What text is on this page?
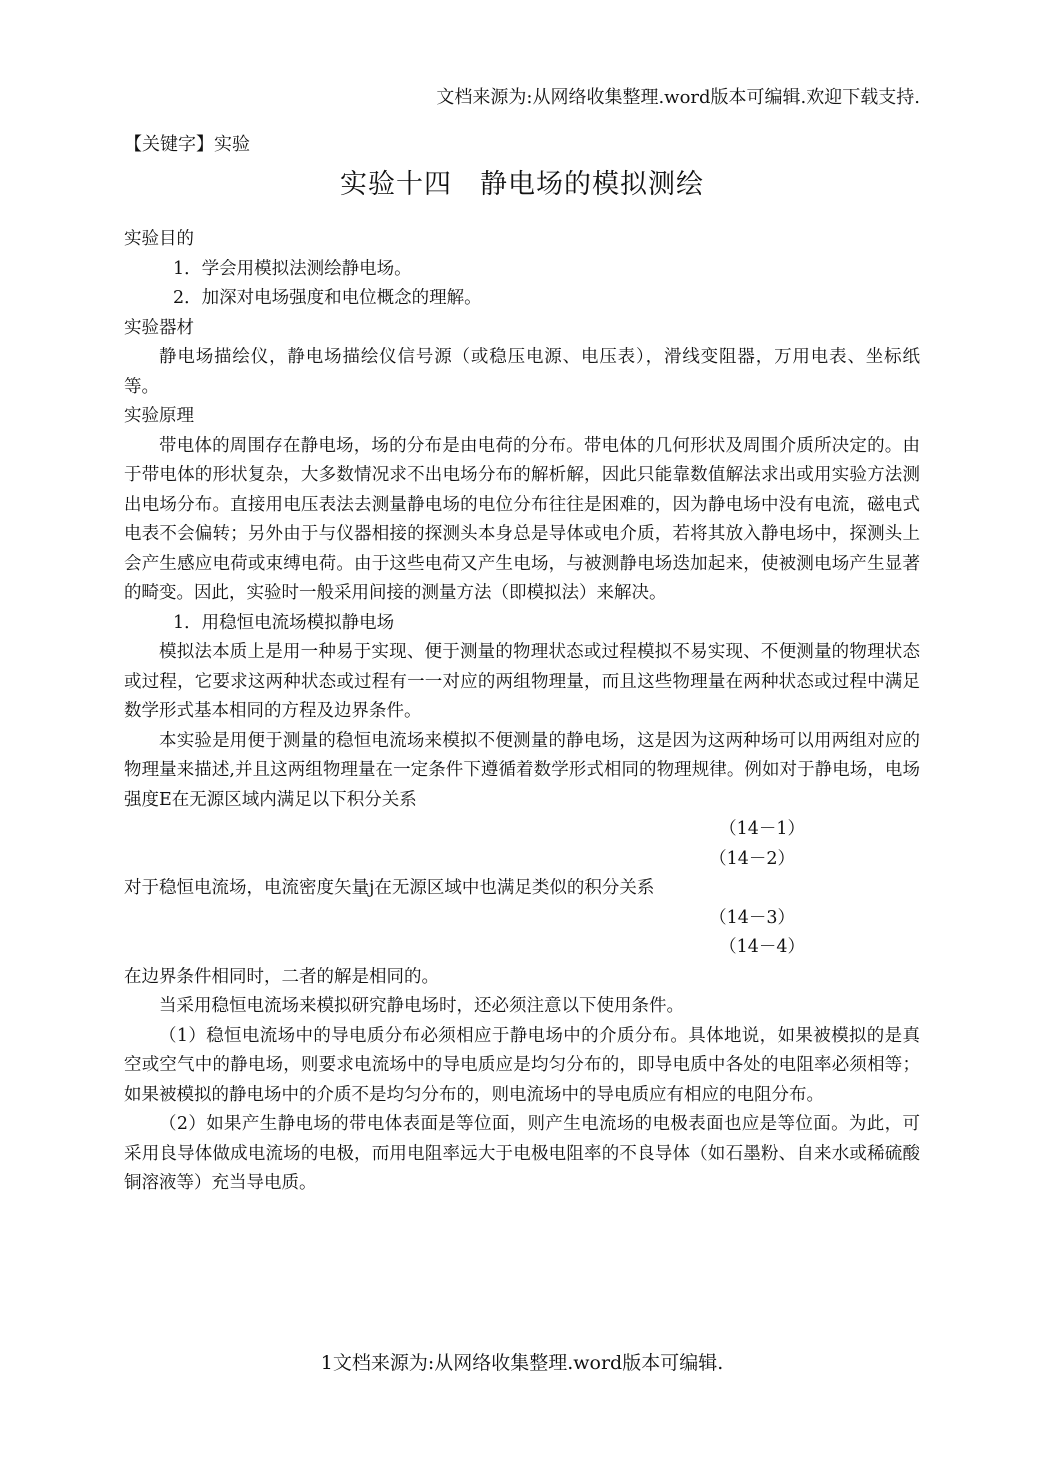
文档来源为:从网络收集整理.word版本可编辑.欢迎下载支持.
【关键字】实验
实验十四　静电场的模拟测绘

实验目的

1．学会用模拟法测绘静电场。

2．加深对电场强度和电位概念的理解。

实验器材

静电场描绘仪，静电场描绘仪信号源（或稳压电源、电压表），滑线变阻器，万用电表、坐标纸等。

实验原理

带电体的周围存在静电场，场的分布是由电荷的分布。带电体的几何形状及周围介质所决定的。由于带电体的形状复杂，大多数情况求不出电场分布的解析解，因此只能靠数值解法求出或用实验方法测出电场分布。直接用电压表法去测量静电场的电位分布往往是困难的，因为静电场中没有电流，磁电式电表不会偏转；另外由于与仪器相接的探测头本身总是导体或电介质，若将其放入静电场中，探测头上会产生感应电荷或束缚电荷。由于这些电荷又产生电场，与被测静电场迭加起来，使被测电场产生显著的畸变。因此，实验时一般采用间接的测量方法（即模拟法）来解决。

1．用稳恒电流场模拟静电场

模拟法本质上是用一种易于实现、便于测量的物理状态或过程模拟不易实现、不便测量的物理状态或过程，它要求这两种状态或过程有一一对应的两组物理量，而且这些物理量在两种状态或过程中满足数学形式基本相同的方程及边界条件。

本实验是用便于测量的稳恒电流场来模拟不便测量的静电场，这是因为这两种场可以用两组对应的物理量来描述,并且这两组物理量在一定条件下遵循着数学形式相同的物理规律。例如对于静电场，电场强度E在无源区域内满足以下积分关系

（14－1）

（14－2）

对于稳恒电流场，电流密度矢量j在无源区域中也满足类似的积分关系

（14－3）

（14－4）

在边界条件相同时，二者的解是相同的。

当采用稳恒电流场来模拟研究静电场时，还必须注意以下使用条件。

（1）稳恒电流场中的导电质分布必须相应于静电场中的介质分布。具体地说，如果被模拟的是真空或空气中的静电场，则要求电流场中的导电质应是均匀分布的，即导电质中各处的电阻率必须相等；如果被模拟的静电场中的介质不是均匀分布的，则电流场中的导电质应有相应的电阻分布。

（2）如果产生静电场的带电体表面是等位面，则产生电流场的电极表面也应是等位面。为此，可采用良导体做成电流场的电极，而用电阻率远大于电极电阻率的不良导体（如石墨粉、自来水或稀硫酸铜溶液等）充当导电质。

1文档来源为:从网络收集整理.word版本可编辑.
